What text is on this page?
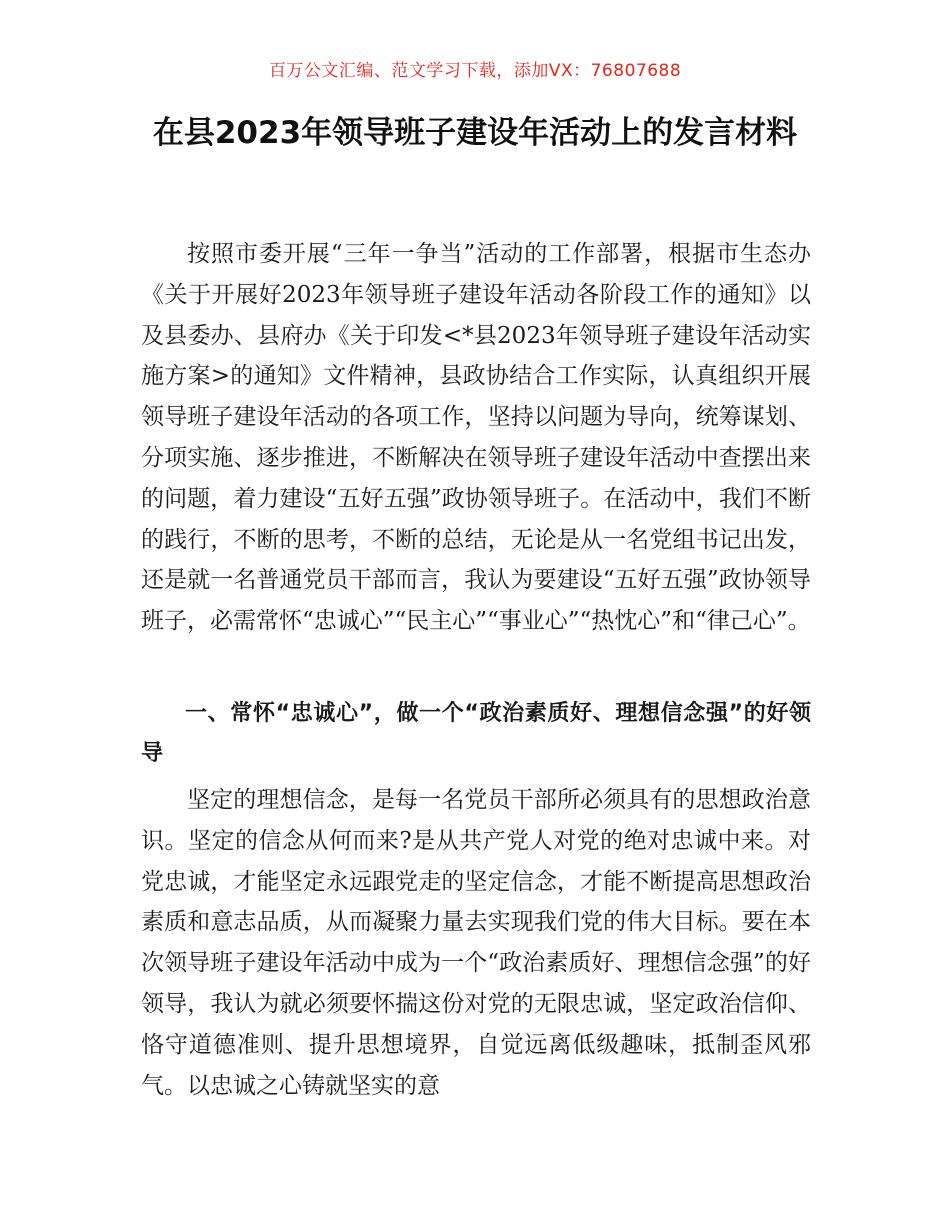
百万公文汇编、范文学习下载，添加VX：76807688
在县2023年领导班子建设年活动上的发言材料

按照市委开展“三年一争当”活动的工作部署，根据市生态办《关于开展好2023年领导班子建设年活动各阶段工作的通知》以及县委办、县府办《关于印发<*县2023年领导班子建设年活动实施方案>的通知》文件精神，县政协结合工作实际，认真组织开展领导班子建设年活动的各项工作，坚持以问题为导向，统筹谋划、分项实施、逐步推进，不断解决在领导班子建设年活动中查摆出来的问题，着力建设“五好五强”政协领导班子。在活动中，我们不断的践行，不断的思考，不断的总结，无论是从一名党组书记出发，还是就一名普通党员干部而言，我认为要建设“五好五强”政协领导班子，必需常怀“忠诚心”“民主心”“事业心”“热忱心”和“律己心”。

一、常怀“忠诚心”，做一个“政治素质好、理想信念强”的好领导

坚定的理想信念，是每一名党员干部所必须具有的思想政治意识。坚定的信念从何而来?是从共产党人对党的绝对忠诚中来。对党忠诚，才能坚定永远跟党走的坚定信念，才能不断提高思想政治素质和意志品质，从而凝聚力量去实现我们党的伟大目标。要在本次领导班子建设年活动中成为一个“政治素质好、理想信念强”的好领导，我认为就必须要怀揣这份对党的无限忠诚，坚定政治信仰、恪守道德准则、提升思想境界，自觉远离低级趣味，抵制歪风邪气。以忠诚之心铸就坚实的意
